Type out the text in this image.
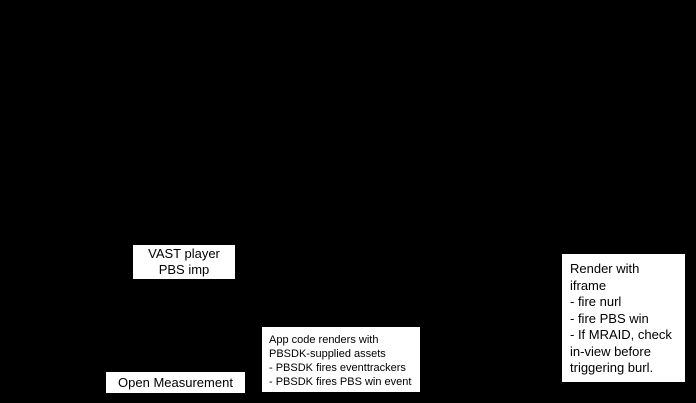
VAST player
PBS imp
Open Measurement
App code renders with
PBSDK-supplied assets
- PBSDK fires eventtrackers
- PBSDK fires PBS win event
Render with
iframe
- fire nurl
- fire PBS win
- If MRAID, check
in-view before
triggering burl.
